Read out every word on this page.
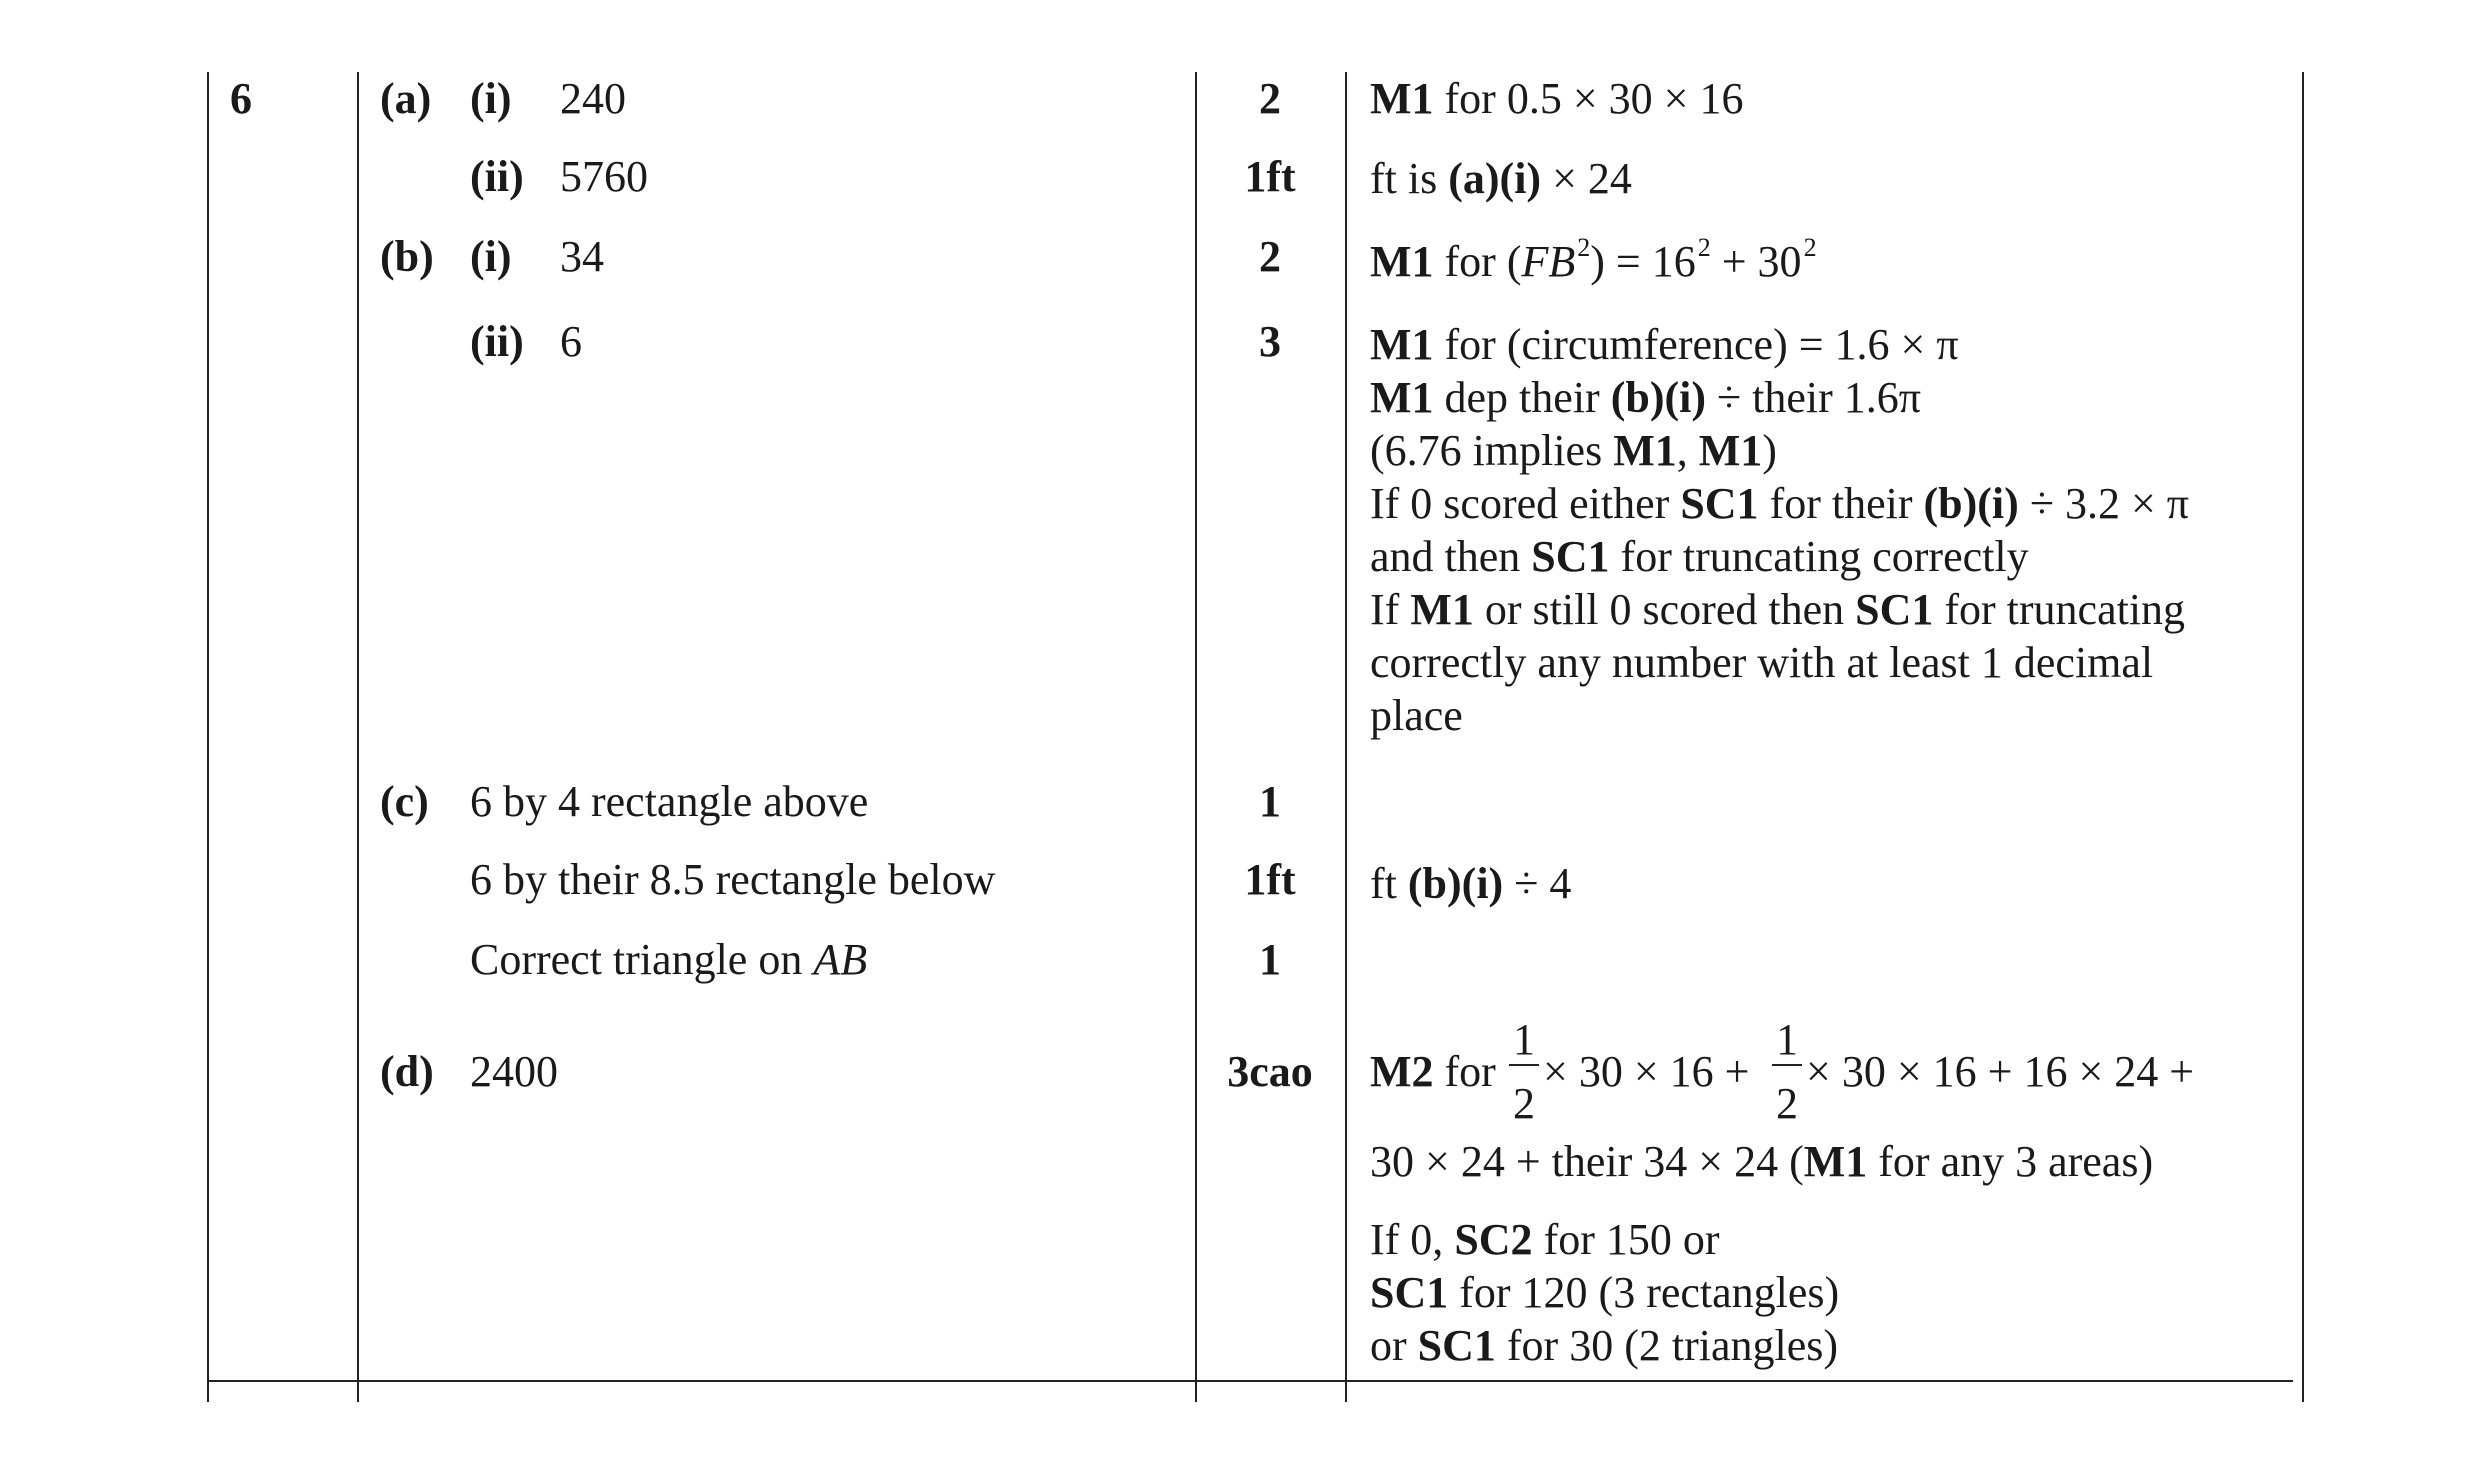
6	(a) (i) 240	2	M1 for 0.5 × 30 × 16
(ii) 5760	1ft	ft is (a)(i) × 24
(b) (i) 34	2	M1 for $(FB^2) = 16^2 + 30^2$
(ii) 6	3	M1 for (circumference) = 1.6 × π
M1 dep their (b)(i) ÷ their 1.6π
(6.76 implies M1, M1)
If 0 scored either SC1 for their (b)(i) ÷ 3.2 × π
and then SC1 for truncating correctly
If M1 or still 0 scored then SC1 for truncating
correctly any number with at least 1 decimal
place
(c) 6 by 4 rectangle above	1
6 by their 8.5 rectangle below	1ft	ft (b)(i) ÷ 4
Correct triangle on AB	1
(d) 2400	3cao	M2 for
1
2
× 30 × 16 +
1
2
× 30 × 16 + 16 × 24 +
30 × 24 + their 34 × 24 (M1 for any 3 areas)
If 0, SC2 for 150 or
SC1 for 120 (3 rectangles)
or SC1 for 30 (2 triangles)
